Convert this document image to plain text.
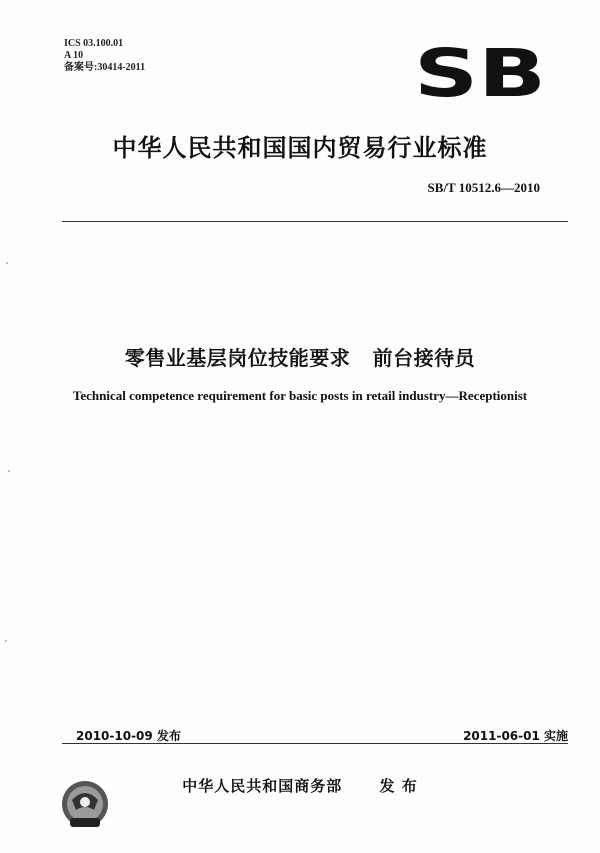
ICS 03.100.01
A 10
备案号:30414-2011	SB
中华人民共和国国内贸易行业标准
SB/T 10512.6—2010
零售业基层岗位技能要求   前台接待员
Technical competence requirement for basic posts in retail industry—Receptionist
2010-10-09 发布	2011-06-01 实施
中华人民共和国商务部      发 布
